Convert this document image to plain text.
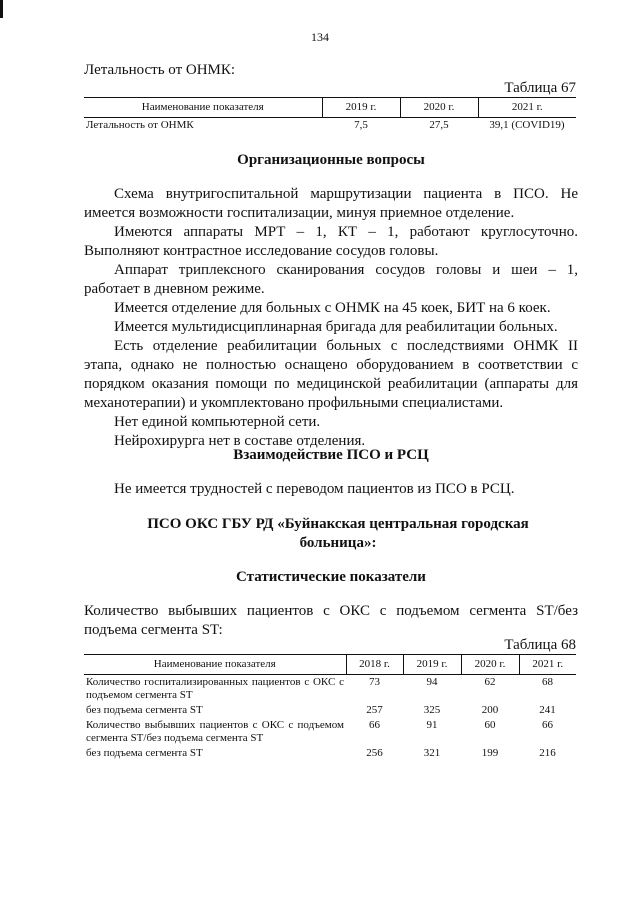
134
Летальность от ОНМК:
Таблица 67
Наименование показателя	2019 г.	2020 г.	2021 г.
Летальность от ОНМК	7,5	27,5	39,1 (COVID19)
Организационные вопросы

Схема внутригоспитальной маршрутизации пациента в ПСО. Не имеется возможности госпитализации, минуя приемное отделение.

Имеются аппараты МРТ – 1, КТ – 1, работают круглосуточно. Выполняют контрастное исследование сосудов головы.

Аппарат триплексного сканирования сосудов головы и шеи – 1, работает в дневном режиме.

Имеется отделение для больных с ОНМК на 45 коек, БИТ на 6 коек.

Имеется мультидисциплинарная бригада для реабилитации больных.

Есть отделение реабилитации больных с последствиями ОНМК II этапа, однако не полностью оснащено оборудованием в соответствии с порядком оказания помощи по медицинской реабилитации (аппараты для механотерапии) и укомплектовано профильными специалистами.

Нет единой компьютерной сети.

Нейрохирурга нет в составе отделения.

Взаимодействие ПСО и РСЦ

Не имеется трудностей с переводом пациентов из ПСО в РСЦ.

ПСО ОКС ГБУ РД «Буйнакская центральная городская больница»:
Статистические показатели

Количество выбывших пациентов с ОКС с подъемом сегмента ST/без подъема сегмента ST:

Таблица 68
Наименование показателя	2018 г.	2019 г.	2020 г.	2021 г.
Количество госпитализированных пациентов с ОКС с подъемом сегмента ST	73	94	62	68
без подъема сегмента ST	257	325	200	241
Количество выбывших пациентов с ОКС с подъемом сегмента ST/без подъема сегмента ST	66	91	60	66
без подъема сегмента ST	256	321	199	216
